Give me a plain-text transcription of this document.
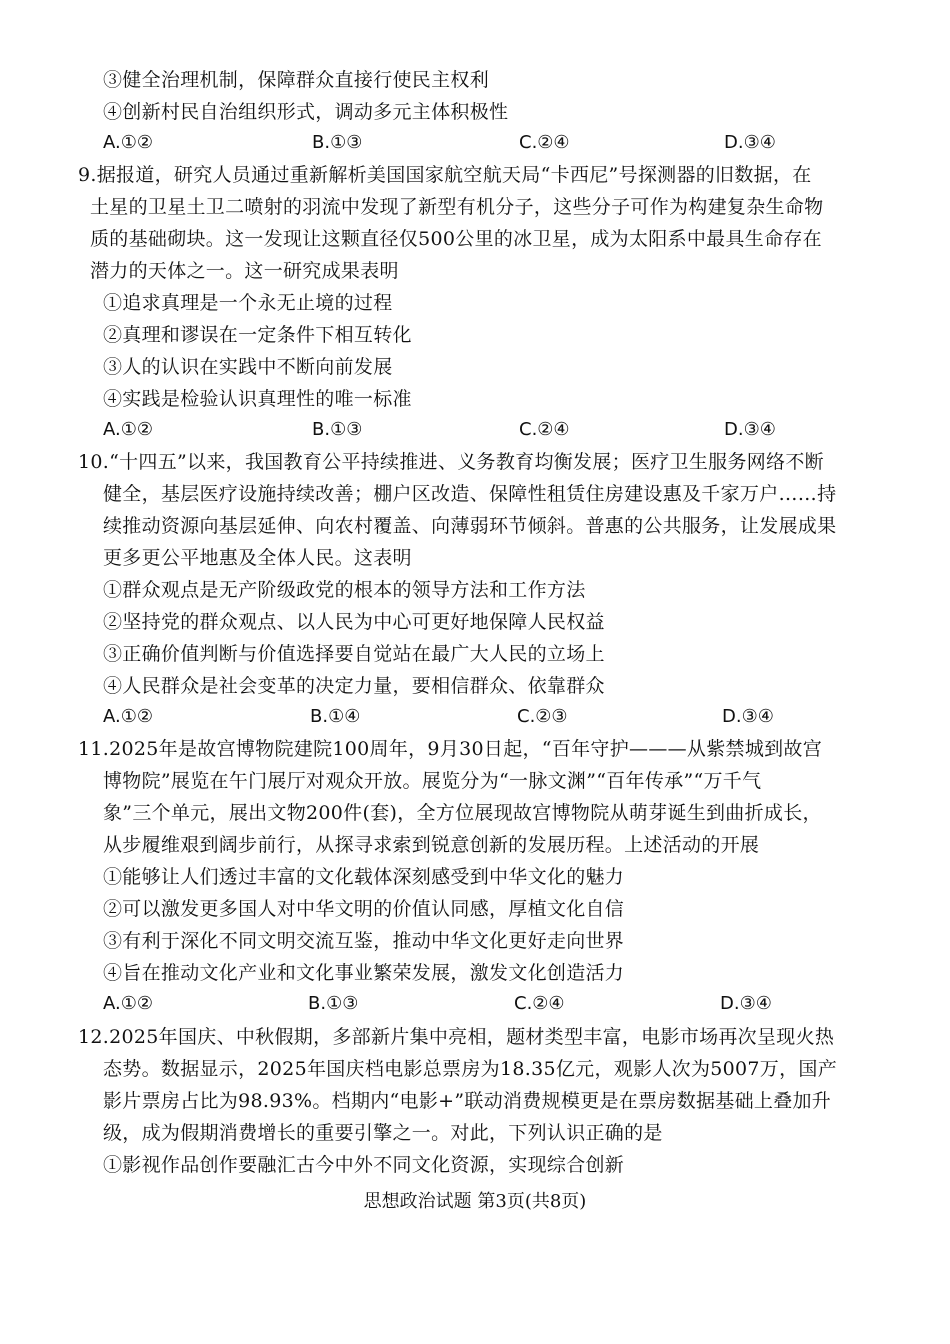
③健全治理机制，保障群众直接行使民主权利
④创新村民自治组织形式，调动多元主体积极性
A.①②	B.①③	C.②④	D.③④
9.据报道，研究人员通过重新解析美国国家航空航天局“卡西尼”号探测器的旧数据，在
土星的卫星土卫二喷射的羽流中发现了新型有机分子，这些分子可作为构建复杂生命物
质的基础砌块。这一发现让这颗直径仅500公里的冰卫星，成为太阳系中最具生命存在
潜力的天体之一。这一研究成果表明
①追求真理是一个永无止境的过程
②真理和谬误在一定条件下相互转化
③人的认识在实践中不断向前发展
④实践是检验认识真理性的唯一标准
A.①②	B.①③	C.②④	D.③④
10.“十四五”以来，我国教育公平持续推进、义务教育均衡发展；医疗卫生服务网络不断
健全，基层医疗设施持续改善；棚户区改造、保障性租赁住房建设惠及千家万户……持
续推动资源向基层延伸、向农村覆盖、向薄弱环节倾斜。普惠的公共服务，让发展成果
更多更公平地惠及全体人民。这表明
①群众观点是无产阶级政党的根本的领导方法和工作方法
②坚持党的群众观点、以人民为中心可更好地保障人民权益
③正确价值判断与价值选择要自觉站在最广大人民的立场上
④人民群众是社会变革的决定力量，要相信群众、依靠群众
A.①②	B.①④	C.②③	D.③④
11.2025年是故宫博物院建院100周年，9月30日起，“百年守护———从紫禁城到故宫
博物院”展览在午门展厅对观众开放。展览分为“一脉文渊”“百年传承”“万千气
象”三个单元，展出文物200件(套)，全方位展现故宫博物院从萌芽诞生到曲折成长，
从步履维艰到阔步前行，从探寻求索到锐意创新的发展历程。上述活动的开展
①能够让人们透过丰富的文化载体深刻感受到中华文化的魅力
②可以激发更多国人对中华文明的价值认同感，厚植文化自信
③有利于深化不同文明交流互鉴，推动中华文化更好走向世界
④旨在推动文化产业和文化事业繁荣发展，激发文化创造活力
A.①②	B.①③	C.②④	D.③④
12.2025年国庆、中秋假期，多部新片集中亮相，题材类型丰富，电影市场再次呈现火热
态势。数据显示，2025年国庆档电影总票房为18.35亿元，观影人次为5007万，国产
影片票房占比为98.93%。档期内“电影+”联动消费规模更是在票房数据基础上叠加升
级，成为假期消费增长的重要引擎之一。对此，下列认识正确的是
①影视作品创作要融汇古今中外不同文化资源，实现综合创新
思想政治试题 第3页(共8页)
